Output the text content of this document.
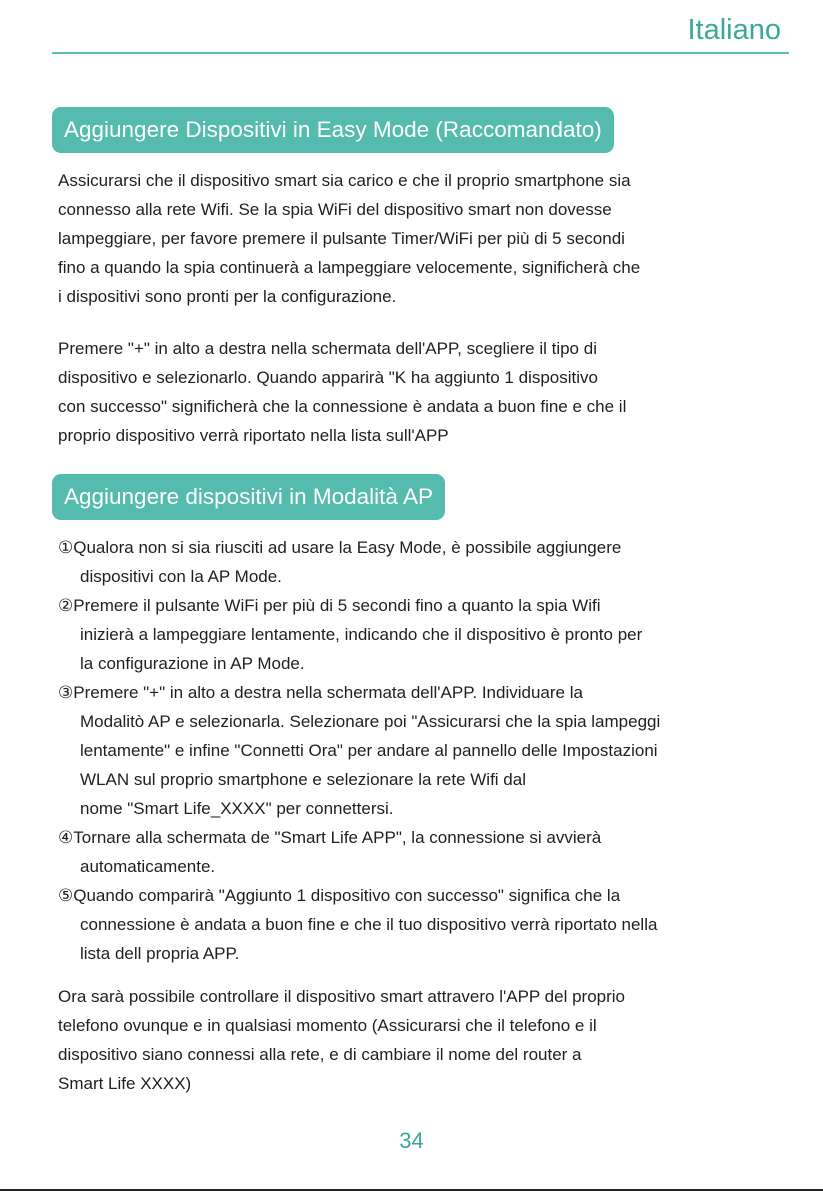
Italiano
Aggiungere Dispositivi in Easy Mode (Raccomandato)

Assicurarsi che il dispositivo smart sia carico e che il proprio smartphone sia
connesso alla rete Wifi. Se la spia WiFi del dispositivo smart non dovesse
lampeggiare, per favore premere il pulsante Timer/WiFi per più di 5 secondi
fino a quando la spia continuerà a lampeggiare velocemente, significherà che
i dispositivi sono pronti per la configurazione.

Premere "+" in alto a destra nella schermata dell'APP, scegliere il tipo di
dispositivo e selezionarlo. Quando apparirà "K ha aggiunto 1 dispositivo
con successo" significherà che la connessione è andata a buon fine e che il
proprio dispositivo verrà riportato nella lista sull'APP

Aggiungere dispositivi in Modalità AP
①Qualora non si sia riusciti ad usare la Easy Mode, è possibile aggiungere
dispositivi con la AP Mode.
②Premere il pulsante WiFi per più di 5 secondi fino a quanto la spia Wifi
inizierà a lampeggiare lentamente, indicando che il dispositivo è pronto per
la configurazione in AP Mode.
③Premere "+" in alto a destra nella schermata dell'APP. Individuare la
Modalitò AP e selezionarla. Selezionare poi "Assicurarsi che la spia lampeggi
lentamente" e infine "Connetti Ora" per andare al pannello delle Impostazioni
WLAN sul proprio smartphone e selezionare la rete Wifi dal
nome "Smart Life_XXXX" per connettersi.
④Tornare alla schermata de "Smart Life APP", la connessione si avvierà
automaticamente.
⑤Quando comparirà "Aggiunto 1 dispositivo con successo" significa che la
connessione è andata a buon fine e che il tuo dispositivo verrà riportato nella
lista dell propria APP.

Ora sarà possibile controllare il dispositivo smart attravero l'APP del proprio
telefono ovunque e in qualsiasi momento (Assicurarsi che il telefono e il
dispositivo siano connessi alla rete, e di cambiare il nome del router a
Smart Life XXXX)

34
